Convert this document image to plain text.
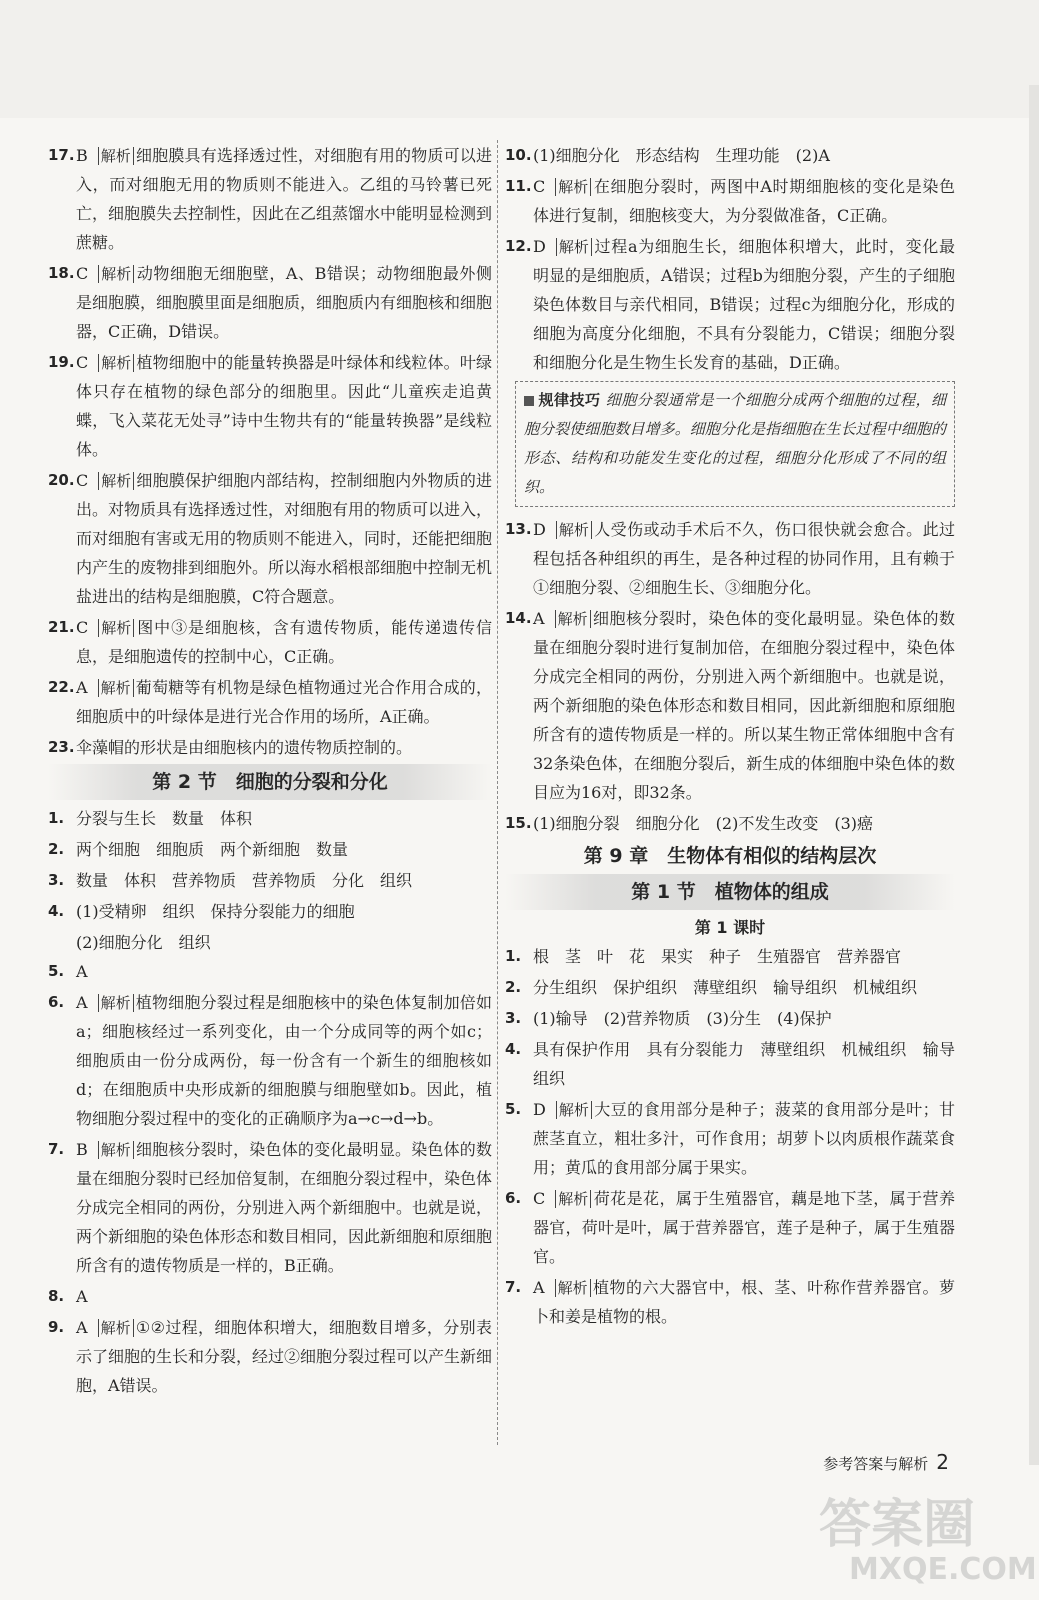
17. B 解析 细胞膜具有选择透过性，对细胞有用的物质可以进入，而对细胞无用的物质则不能进入。乙组的马铃薯已死亡，细胞膜失去控制性，因此在乙组蒸馏水中能明显检测到蔗糖。
18. C 解析 动物细胞无细胞壁，A、B错误；动物细胞最外侧是细胞膜，细胞膜里面是细胞质，细胞质内有细胞核和细胞器，C正确，D错误。
19. C 解析 植物细胞中的能量转换器是叶绿体和线粒体。叶绿体只存在植物的绿色部分的细胞里。因此“儿童疾走追黄蝶，飞入菜花无处寻”诗中生物共有的“能量转换器”是线粒体。
20. C 解析 细胞膜保护细胞内部结构，控制细胞内外物质的进出。对物质具有选择透过性，对细胞有用的物质可以进入，而对细胞有害或无用的物质则不能进入，同时，还能把细胞内产生的废物排到细胞外。所以海水稻根部细胞中控制无机盐进出的结构是细胞膜，C符合题意。
21. C 解析 图中③是细胞核，含有遗传物质，能传递遗传信息，是细胞遗传的控制中心，C正确。
22. A 解析 葡萄糖等有机物是绿色植物通过光合作用合成的，细胞质中的叶绿体是进行光合作用的场所，A正确。
23. 伞藻帽的形状是由细胞核内的遗传物质控制的。
第 2 节　细胞的分裂和分化
1. 分裂与生长　数量　体积
2. 两个细胞　细胞质　两个新细胞　数量
3. 数量　体积　营养物质　营养物质　分化　组织
4. (1)受精卵　组织　保持分裂能力的细胞
(2)细胞分化　组织
5. A
6. A 解析 植物细胞分裂过程是细胞核中的染色体复制加倍如a；细胞核经过一系列变化，由一个分成同等的两个如c；细胞质由一份分成两份，每一份含有一个新生的细胞核如d；在细胞质中央形成新的细胞膜与细胞壁如b。因此，植物细胞分裂过程中的变化的正确顺序为a→c→d→b。
7. B 解析 细胞核分裂时，染色体的变化最明显。染色体的数量在细胞分裂时已经加倍复制，在细胞分裂过程中，染色体分成完全相同的两份，分别进入两个新细胞中。也就是说，两个新细胞的染色体形态和数目相同，因此新细胞和原细胞所含有的遗传物质是一样的，B正确。
8. A
9. A 解析 ①②过程，细胞体积增大，细胞数目增多，分别表示了细胞的生长和分裂，经过②细胞分裂过程可以产生新细胞，A错误。
10. (1)细胞分化　形态结构　生理功能　(2)A
11. C 解析 在细胞分裂时，两图中A时期细胞核的变化是染色体进行复制，细胞核变大，为分裂做准备，C正确。
12. D 解析 过程a为细胞生长，细胞体积增大，此时，变化最明显的是细胞质，A错误；过程b为细胞分裂，产生的子细胞染色体数目与亲代相同，B错误；过程c为细胞分化，形成的细胞为高度分化细胞，不具有分裂能力，C错误；细胞分裂和细胞分化是生物生长发育的基础，D正确。
规律技巧 细胞分裂通常是一个细胞分成两个细胞的过程，细胞分裂使细胞数目增多。细胞分化是指细胞在生长过程中细胞的形态、结构和功能发生变化的过程，细胞分化形成了不同的组织。
13. D 解析 人受伤或动手术后不久，伤口很快就会愈合。此过程包括各种组织的再生，是各种过程的协同作用，且有赖于①细胞分裂、②细胞生长、③细胞分化。
14. A 解析 细胞核分裂时，染色体的变化最明显。染色体的数量在细胞分裂时进行复制加倍，在细胞分裂过程中，染色体分成完全相同的两份，分别进入两个新细胞中。也就是说，两个新细胞的染色体形态和数目相同，因此新细胞和原细胞所含有的遗传物质是一样的。所以某生物正常体细胞中含有32条染色体，在细胞分裂后，新生成的体细胞中染色体的数目应为16对，即32条。
15. (1)细胞分裂　细胞分化　(2)不发生改变　(3)癌
第 9 章　生物体有相似的结构层次
第 1 节　植物体的组成
第 1 课时
1. 根　茎　叶　花　果实　种子　生殖器官　营养器官
2. 分生组织　保护组织　薄壁组织　输导组织　机械组织
3. (1)输导　(2)营养物质　(3)分生　(4)保护
4. 具有保护作用　具有分裂能力　薄壁组织　机械组织　输导组织
5. D 解析 大豆的食用部分是种子；菠菜的食用部分是叶；甘蔗茎直立，粗壮多汁，可作食用；胡萝卜以肉质根作蔬菜食用；黄瓜的食用部分属于果实。
6. C 解析 荷花是花，属于生殖器官，藕是地下茎，属于营养器官，荷叶是叶，属于营养器官，莲子是种子，属于生殖器官。
7. A 解析 植物的六大器官中，根、茎、叶称作营养器官。萝卜和姜是植物的根。
参考答案与解析 2
答案圈
MXQE.COM
